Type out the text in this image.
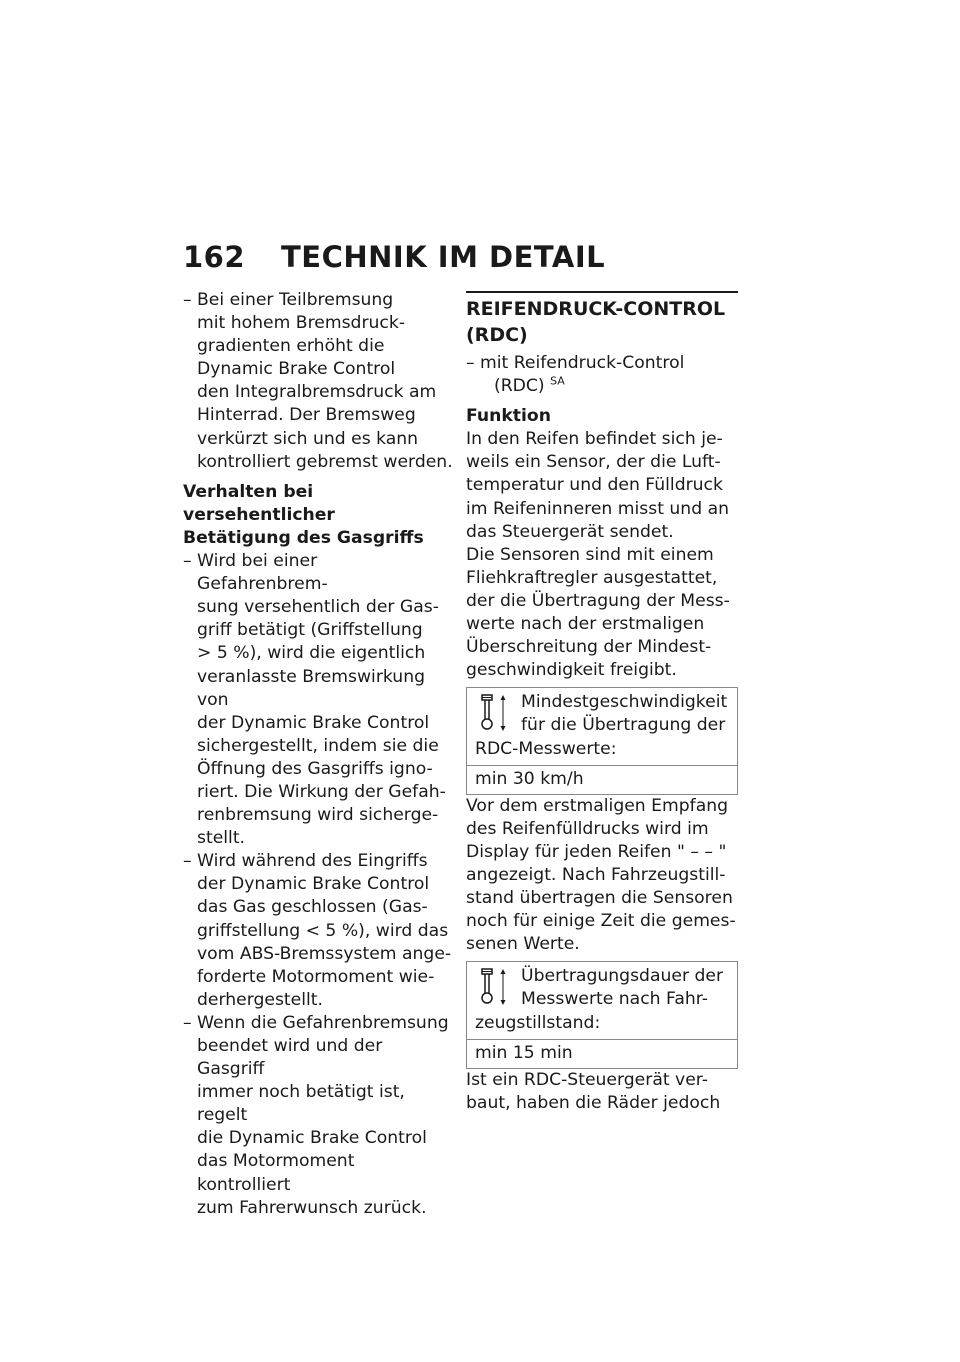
162 TECHNIK IM DETAIL
– Bei einer Teilbremsung
mit hohem Bremsdruck-
gradienten erhöht die
Dynamic Brake Control
den Integralbremsdruck am
Hinterrad. Der Bremsweg
verkürzt sich und es kann
kontrolliert gebremst werden.
Verhalten bei versehentlicher
Betätigung des Gasgriffs
– Wird bei einer Gefahrenbrem-
sung versehentlich der Gas-
griff betätigt (Griffstellung
> 5 %), wird die eigentlich
veranlasste Bremswirkung von
der Dynamic Brake Control
sichergestellt, indem sie die
Öffnung des Gasgriffs igno-
riert. Die Wirkung der Gefah-
renbremsung wird sicherge-
stellt.
– Wird während des Eingriffs
der Dynamic Brake Control
das Gas geschlossen (Gas-
griffstellung < 5 %), wird das
vom ABS-Bremssystem ange-
forderte Motormoment wie-
derhergestellt.
– Wenn die Gefahrenbremsung
beendet wird und der Gasgriff
immer noch betätigt ist, regelt
die Dynamic Brake Control
das Motormoment kontrolliert
zum Fahrerwunsch zurück.
REIFENDRUCK-CONTROL
(RDC)
– mit Reifendruck-Control
(RDC) $^{SA}$
Funktion
In den Reifen befindet sich je-
weils ein Sensor, der die Luft-
temperatur und den Fülldruck
im Reifeninneren misst und an
das Steuergerät sendet.
Die Sensoren sind mit einem
Fliehkraftregler ausgestattet,
der die Übertragung der Mess-
werte nach der erstmaligen
Überschreitung der Mindest-
geschwindigkeit freigibt.
Mindestgeschwindigkeit
für die Übertragung der
RDC-Messwerte:
min 30 km/h
Vor dem erstmaligen Empfang
des Reifenfülldrucks wird im
Display für jeden Reifen " – – "
angezeigt. Nach Fahrzeugstill-
stand übertragen die Sensoren
noch für einige Zeit die gemes-
senen Werte.
Übertragungsdauer der
Messwerte nach Fahr-
zeugstillstand:
min 15 min
Ist ein RDC-Steuergerät ver-
baut, haben die Räder jedoch
